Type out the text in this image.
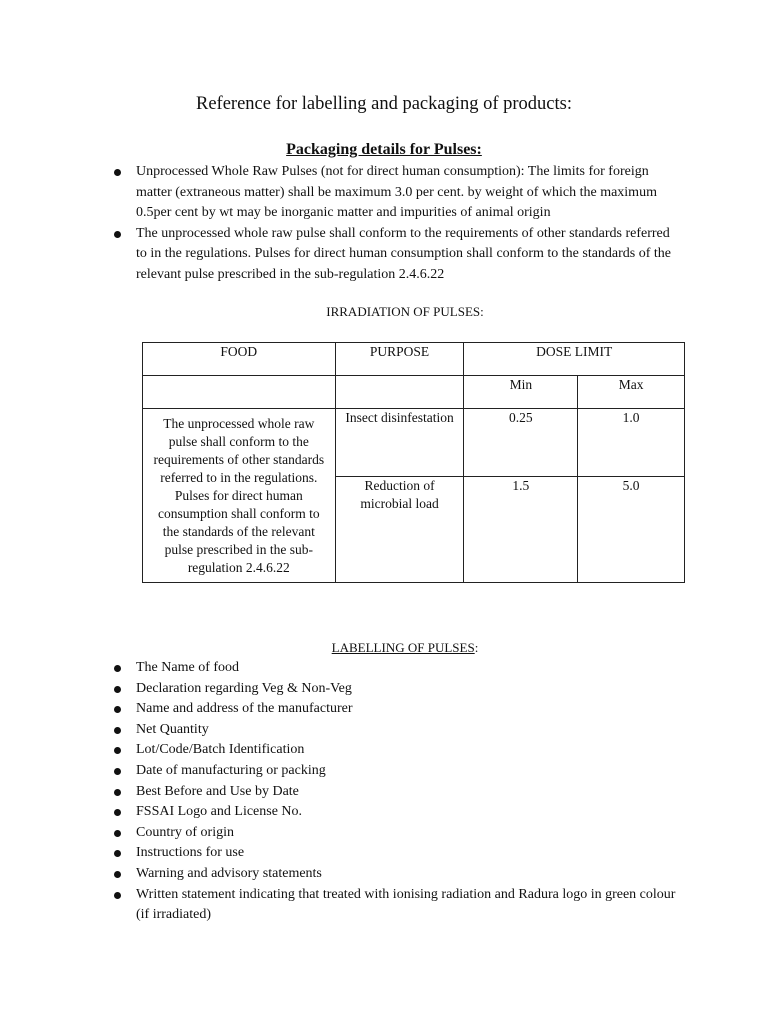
Reference for labelling and packaging of products:
Packaging details for Pulses:
Unprocessed Whole Raw Pulses (not for direct human consumption): The limits for foreign matter (extraneous matter) shall be maximum 3.0 per cent. by weight of which the maximum 0.5per cent by wt may be inorganic matter and impurities of animal origin
The unprocessed whole raw pulse shall conform to the requirements of other standards referred to in the regulations. Pulses for direct human consumption shall conform to the standards of the relevant pulse prescribed in the sub-regulation 2.4.6.22

IRRADIATION OF PULSES:

FOOD	PURPOSE	DOSE LIMIT	
		Min	Max
The unprocessed whole raw pulse shall conform to the requirements of other standards referred to in the regulations. Pulses for direct human consumption shall conform to the standards of the relevant pulse prescribed in the sub-regulation 2.4.6.22	Insect disinfestation	0.25	1.0
	Reduction of microbial load	1.5	5.0

LABELLING OF PULSES:

The Name of food
Declaration regarding Veg & Non-Veg
Name and address of the manufacturer
Net Quantity
Lot/Code/Batch Identification
Date of manufacturing or packing
Best Before and Use by Date
FSSAI Logo and License No.
Country of origin
Instructions for use
Warning and advisory statements
Written statement indicating that treated with ionising radiation and Radura logo in green colour (if irradiated)
